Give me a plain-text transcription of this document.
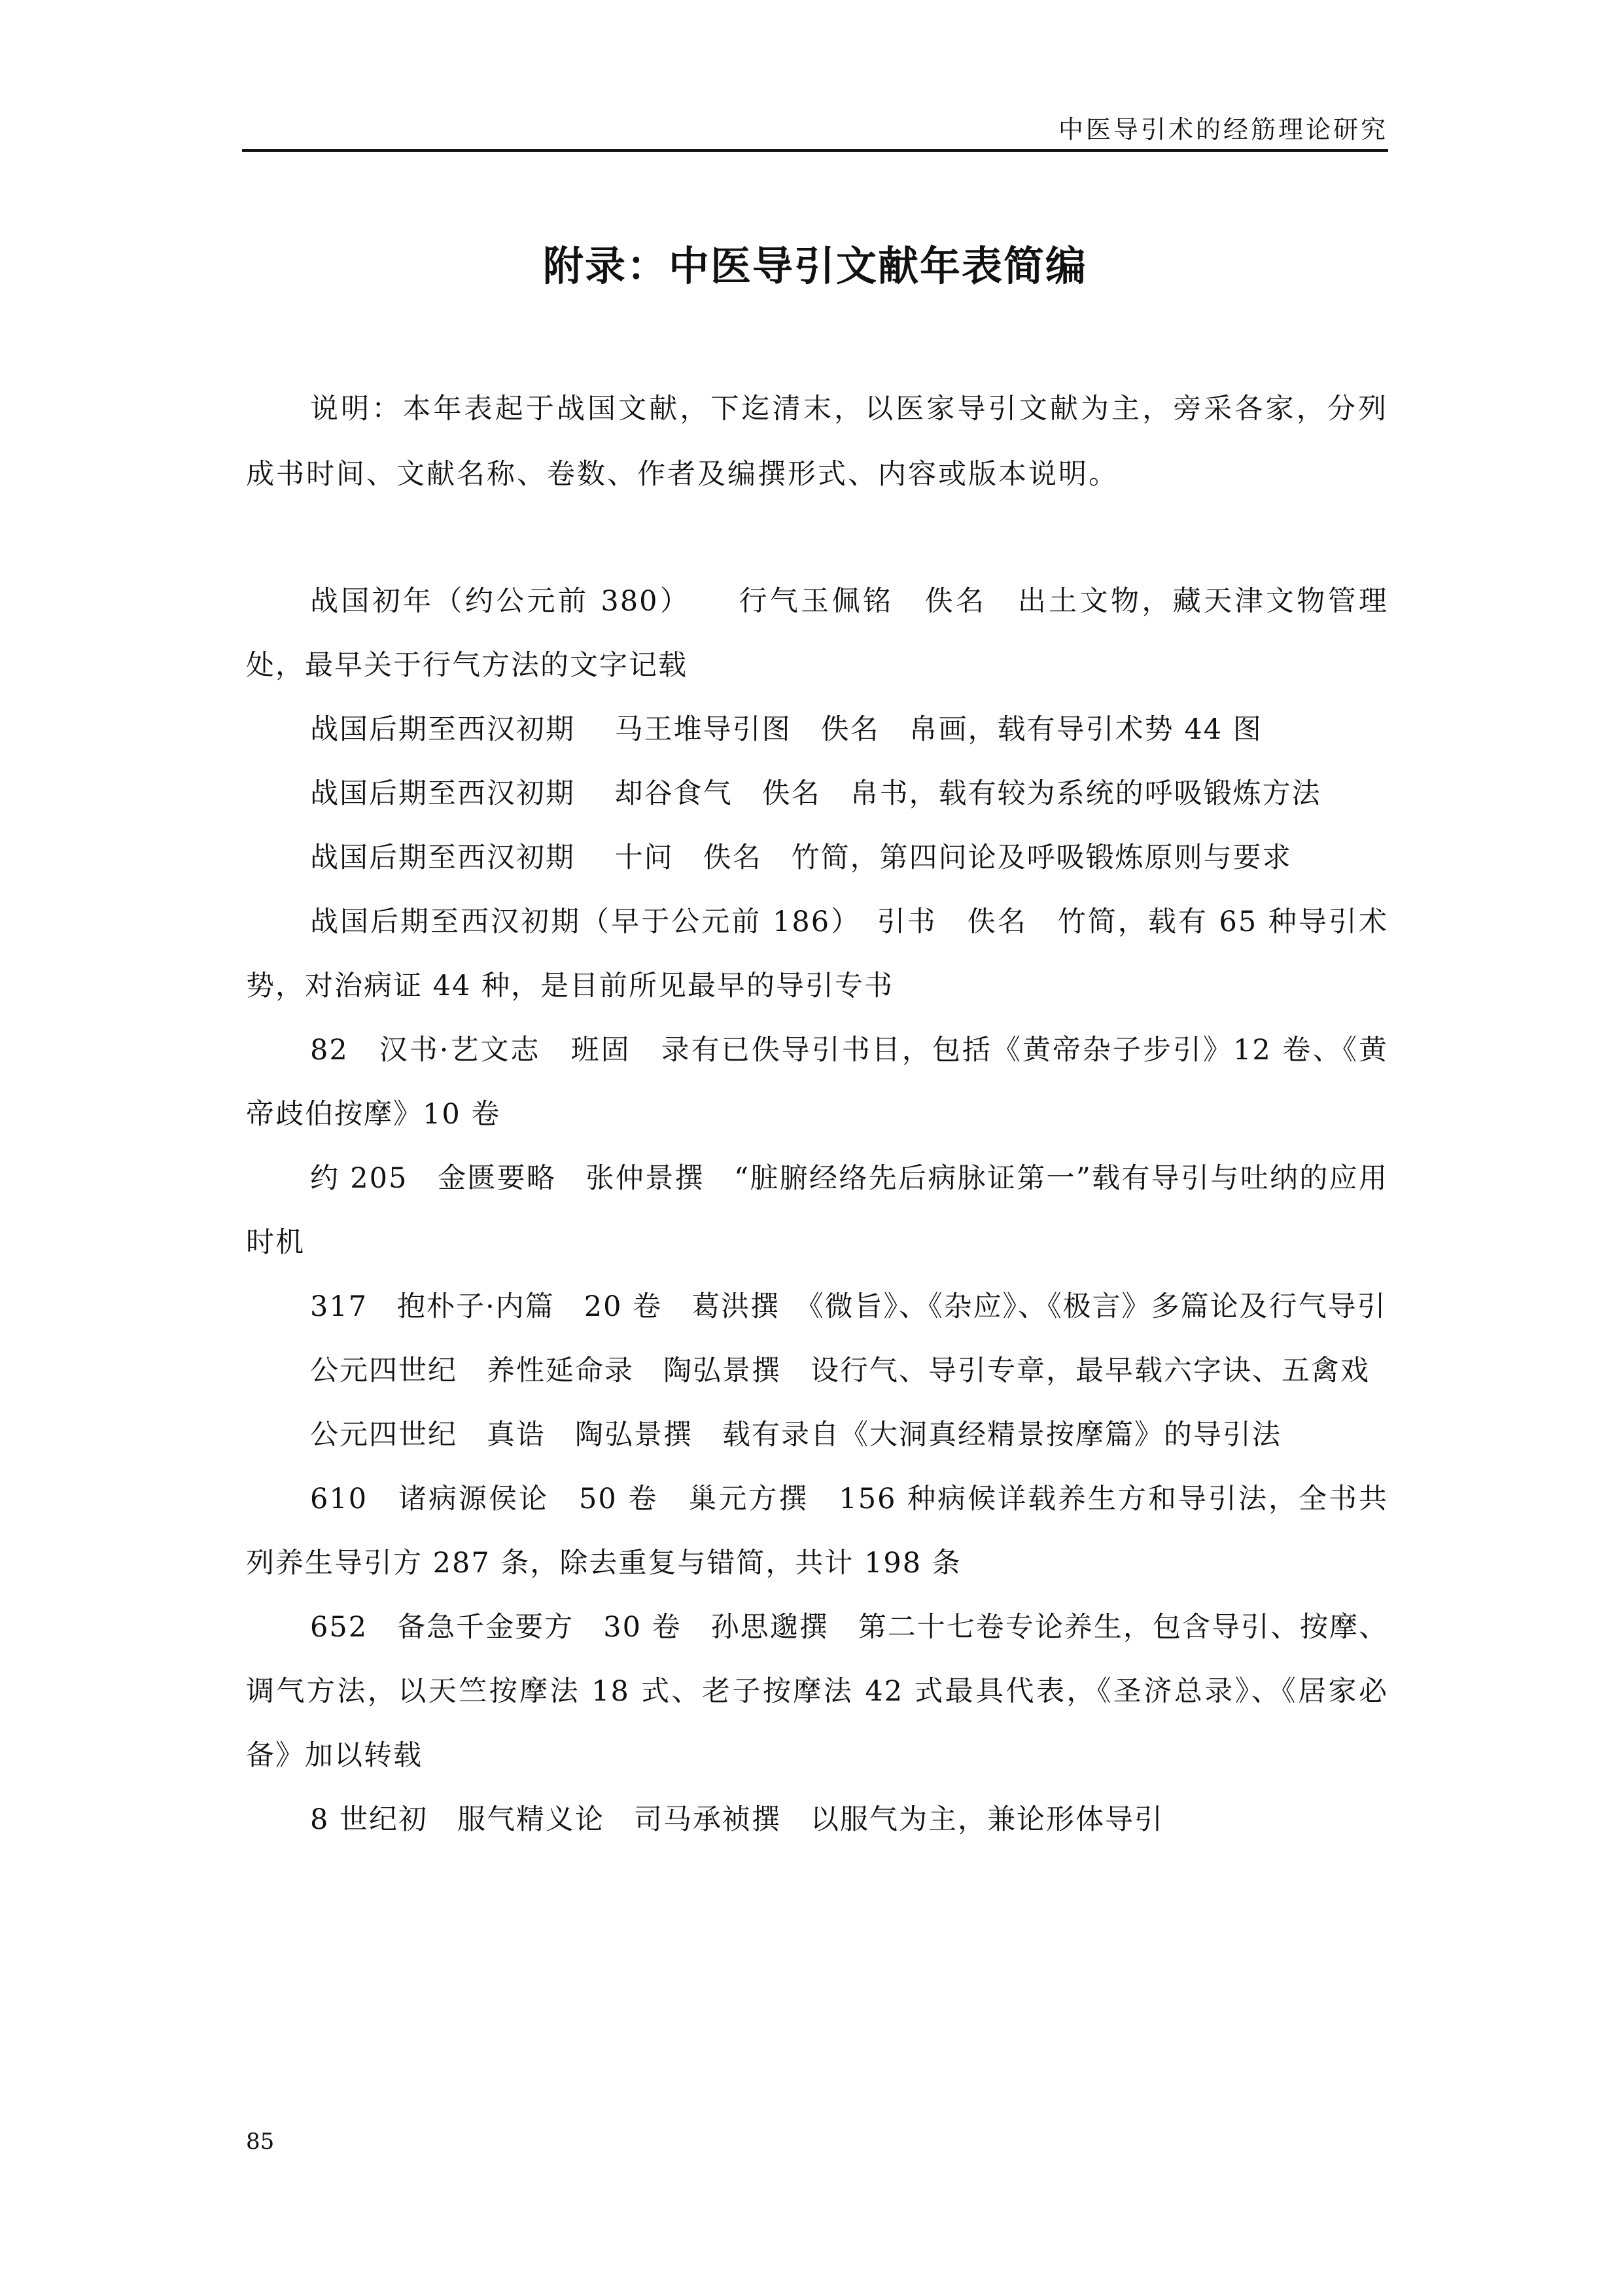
中医导引术的经筋理论研究
附录：中医导引文献年表简编

说明：本年表起于战国文献，下迄清末，以医家导引文献为主，旁采各家，分列成书时间、文献名称、卷数、作者及编撰形式、内容或版本说明。

战国初年（约公元前 380）　　行气玉佩铭　佚名　出土文物，藏天津文物管理处，最早关于行气方法的文字记载

战国后期至西汉初期　 马王堆导引图　佚名　帛画，载有导引术势 44 图

战国后期至西汉初期　 却谷食气　佚名　帛书，载有较为系统的呼吸锻炼方法

战国后期至西汉初期　 十问　佚名　竹简，第四问论及呼吸锻炼原则与要求

战国后期至西汉初期（早于公元前 186）　引书　佚名　竹简，载有 65 种导引术势，对治病证 44 种，是目前所见最早的导引专书

82　汉书·艺文志　班固　录有已佚导引书目，包括《黄帝杂子步引》12 卷、《黄帝歧伯按摩》10 卷

约 205　金匮要略　张仲景撰　“脏腑经络先后病脉证第一”载有导引与吐纳的应用时机

317　抱朴子·内篇　20 卷　葛洪撰　《微旨》、《杂应》、《极言》多篇论及行气导引

公元四世纪　养性延命录　陶弘景撰　设行气、导引专章，最早载六字诀、五禽戏

公元四世纪　真诰　陶弘景撰　载有录自《大洞真经精景按摩篇》的导引法

610　诸病源侯论　50 卷　巢元方撰　156 种病候详载养生方和导引法，全书共列养生导引方 287 条，除去重复与错简，共计 198 条

652　备急千金要方　30 卷　孙思邈撰　第二十七卷专论养生，包含导引、按摩、调气方法，以天竺按摩法 18 式、老子按摩法 42 式最具代表，《圣济总录》、《居家必备》加以转载

8 世纪初　服气精义论　司马承祯撰　以服气为主，兼论形体导引

85
